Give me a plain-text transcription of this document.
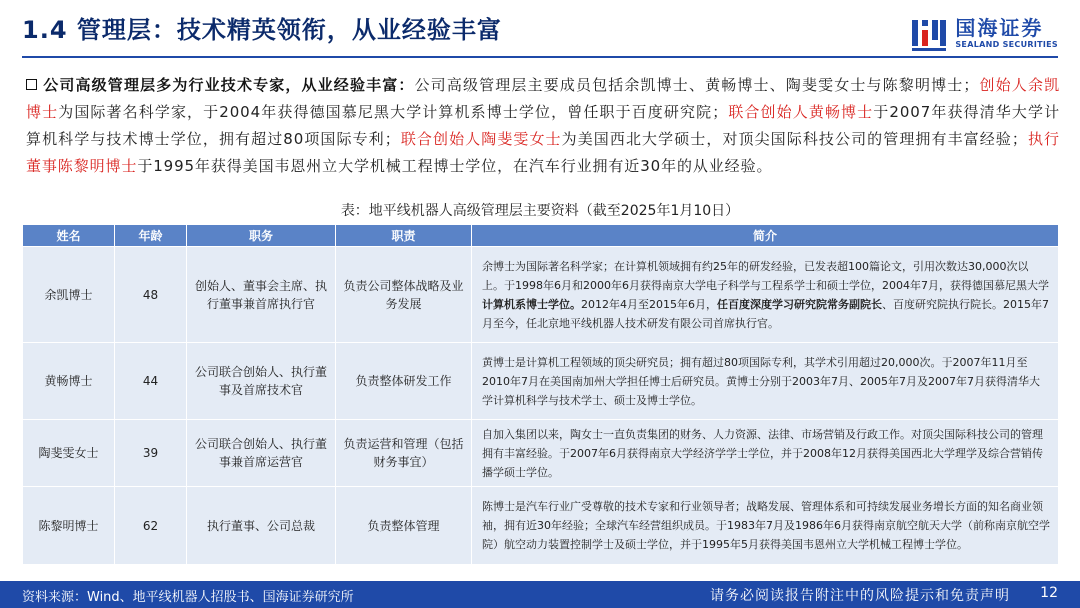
1.4 管理层：技术精英领衔，从业经验丰富	国海证券
SEALAND SECURITIES
公司高级管理层多为行业技术专家，从业经验丰富：公司高级管理层主要成员包括余凯博士、黄畅博士、陶斐雯女士与陈黎明博士；创始人余凯博士为国际著名科学家，于2004年获得德国慕尼黑大学计算机系博士学位，曾任职于百度研究院；联合创始人黄畅博士于2007年获得清华大学计算机科学与技术博士学位，拥有超过80项国际专利；联合创始人陶斐雯女士为美国西北大学硕士，对顶尖国际科技公司的管理拥有丰富经验；执行董事陈黎明博士于1995年获得美国韦恩州立大学机械工程博士学位，在汽车行业拥有近30年的从业经验。
表：地平线机器人高级管理层主要资料（截至2025年1月10日）
姓名	年龄	职务	职责	简介
余凯博士	48	创始人、董事会主席、执行董事兼首席执行官	负责公司整体战略及业务发展	余博士为国际著名科学家；在计算机领域拥有约25年的研发经验，已发表超100篇论文，引用次数达30,000次以上。于1998年6月和2000年6月获得南京大学电子科学与工程系学士和硕士学位，2004年7月，获得德国慕尼黑大学计算机系博士学位。2012年4月至2015年6月，任百度深度学习研究院常务副院长、百度研究院执行院长。2015年7月至今，任北京地平线机器人技术研发有限公司首席执行官。
黄畅博士	44	公司联合创始人、执行董事及首席技术官	负责整体研发工作	黄博士是计算机工程领域的顶尖研究员；拥有超过80项国际专利，其学术引用超过20,000次。于2007年11月至2010年7月在美国南加州大学担任博士后研究员。黄博士分别于2003年7月、2005年7月及2007年7月获得清华大学计算机科学与技术学士、硕士及博士学位。
陶斐雯女士	39	公司联合创始人、执行董事兼首席运营官	负责运营和管理（包括财务事宜）	自加入集团以来，陶女士一直负责集团的财务、人力资源、法律、市场营销及行政工作。对顶尖国际科技公司的管理拥有丰富经验。于2007年6月获得南京大学经济学学士学位，并于2008年12月获得美国西北大学理学及综合营销传播学硕士学位。
陈黎明博士	62	执行董事、公司总裁	负责整体管理	陈博士是汽车行业广受尊敬的技术专家和行业领导者；战略发展、管理体系和可持续发展业务增长方面的知名商业领袖，拥有近30年经验；全球汽车经营组织成员。于1983年7月及1986年6月获得南京航空航天大学（前称南京航空学院）航空动力装置控制学士及硕士学位，并于1995年5月获得美国韦恩州立大学机械工程博士学位。
资料来源：Wind、地平线机器人招股书、国海证券研究所	请务必阅读报告附注中的风险提示和免责声明 12
